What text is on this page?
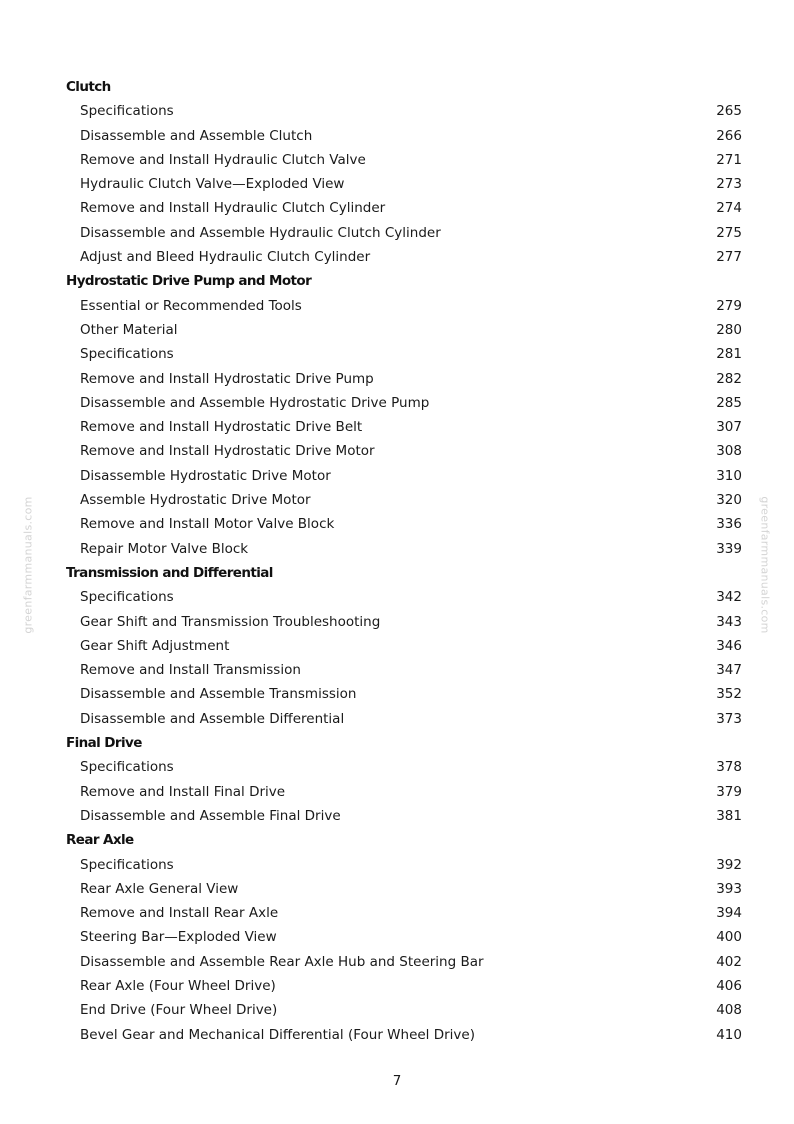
greenfarmmanuals.com	greenfarmmanuals.com
Clutch
Specifications	265
Disassemble and Assemble Clutch	266
Remove and Install Hydraulic Clutch Valve	271
Hydraulic Clutch Valve—Exploded View	273
Remove and Install Hydraulic Clutch Cylinder	274
Disassemble and Assemble Hydraulic Clutch Cylinder	275
Adjust and Bleed Hydraulic Clutch Cylinder	277
Hydrostatic Drive Pump and Motor
Essential or Recommended Tools	279
Other Material	280
Specifications	281
Remove and Install Hydrostatic Drive Pump	282
Disassemble and Assemble Hydrostatic Drive Pump	285
Remove and Install Hydrostatic Drive Belt	307
Remove and Install Hydrostatic Drive Motor	308
Disassemble Hydrostatic Drive Motor	310
Assemble Hydrostatic Drive Motor	320
Remove and Install Motor Valve Block	336
Repair Motor Valve Block	339
Transmission and Differential
Specifications	342
Gear Shift and Transmission Troubleshooting	343
Gear Shift Adjustment	346
Remove and Install Transmission	347
Disassemble and Assemble Transmission	352
Disassemble and Assemble Differential	373
Final Drive
Specifications	378
Remove and Install Final Drive	379
Disassemble and Assemble Final Drive	381
Rear Axle
Specifications	392
Rear Axle General View	393
Remove and Install Rear Axle	394
Steering Bar—Exploded View	400
Disassemble and Assemble Rear Axle Hub and Steering Bar	402
Rear Axle (Four Wheel Drive)	406
End Drive (Four Wheel Drive)	408
Bevel Gear and Mechanical Differential (Four Wheel Drive)	410
7
